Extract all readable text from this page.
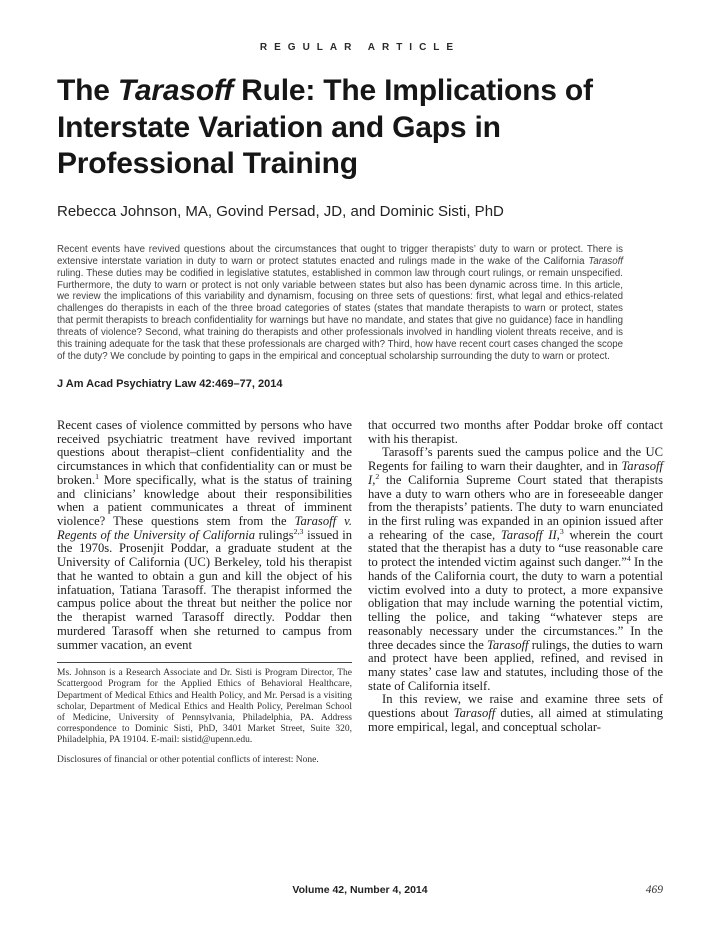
REGULAR ARTICLE
The Tarasoff Rule: The Implications of Interstate Variation and Gaps in Professional Training
Rebecca Johnson, MA, Govind Persad, JD, and Dominic Sisti, PhD
Recent events have revived questions about the circumstances that ought to trigger therapists’ duty to warn or protect. There is extensive interstate variation in duty to warn or protect statutes enacted and rulings made in the wake of the California Tarasoff ruling. These duties may be codified in legislative statutes, established in common law through court rulings, or remain unspecified. Furthermore, the duty to warn or protect is not only variable between states but also has been dynamic across time. In this article, we review the implications of this variability and dynamism, focusing on three sets of questions: first, what legal and ethics-related challenges do therapists in each of the three broad categories of states (states that mandate therapists to warn or protect, states that permit therapists to breach confidentiality for warnings but have no mandate, and states that give no guidance) face in handling threats of violence? Second, what training do therapists and other professionals involved in handling violent threats receive, and is this training adequate for the task that these professionals are charged with? Third, how have recent court cases changed the scope of the duty? We conclude by pointing to gaps in the empirical and conceptual scholarship surrounding the duty to warn or protect.
J Am Acad Psychiatry Law 42:469–77, 2014

Recent cases of violence committed by persons who have received psychiatric treatment have revived important questions about therapist–client confidentiality and the circumstances in which that confidentiality can or must be broken.$^1$ More specifically, what is the status of training and clinicians’ knowledge about their responsibilities when a patient communicates a threat of imminent violence? These questions stem from the Tarasoff v. Regents of the University of California rulings$^{2,3}$ issued in the 1970s. Prosenjit Poddar, a graduate student at the University of California (UC) Berkeley, told his therapist that he wanted to obtain a gun and kill the object of his infatuation, Tatiana Tarasoff. The therapist informed the campus police about the threat but neither the police nor the therapist warned Tarasoff directly. Poddar then murdered Tarasoff when she returned to campus from summer vacation, an event

Ms. Johnson is a Research Associate and Dr. Sisti is Program Director, The Scattergood Program for the Applied Ethics of Behavioral Healthcare, Department of Medical Ethics and Health Policy, and Mr. Persad is a visiting scholar, Department of Medical Ethics and Health Policy, Perelman School of Medicine, University of Pennsylvania, Philadelphia, PA. Address correspondence to Dominic Sisti, PhD, 3401 Market Street, Suite 320, Philadelphia, PA 19104. E-mail: sistid@upenn.edu.

Disclosures of financial or other potential conflicts of interest: None.

that occurred two months after Poddar broke off contact with his therapist.

Tarasoff’s parents sued the campus police and the UC Regents for failing to warn their daughter, and in Tarasoff I,$^2$ the California Supreme Court stated that therapists have a duty to warn others who are in foreseeable danger from the therapists’ patients. The duty to warn enunciated in the first ruling was expanded in an opinion issued after a rehearing of the case, Tarasoff II,$^3$ wherein the court stated that the therapist has a duty to “use reasonable care to protect the intended victim against such danger.”$^4$ In the hands of the California court, the duty to warn a potential victim evolved into a duty to protect, a more expansive obligation that may include warning the potential victim, telling the police, and taking “whatever steps are reasonably necessary under the circumstances.” In the three decades since the Tarasoff rulings, the duties to warn and protect have been applied, refined, and revised in many states’ case law and statutes, including those of the state of California itself.

In this review, we raise and examine three sets of questions about Tarasoff duties, all aimed at stimulating more empirical, legal, and conceptual scholar-

Volume 42, Number 4, 2014	469
